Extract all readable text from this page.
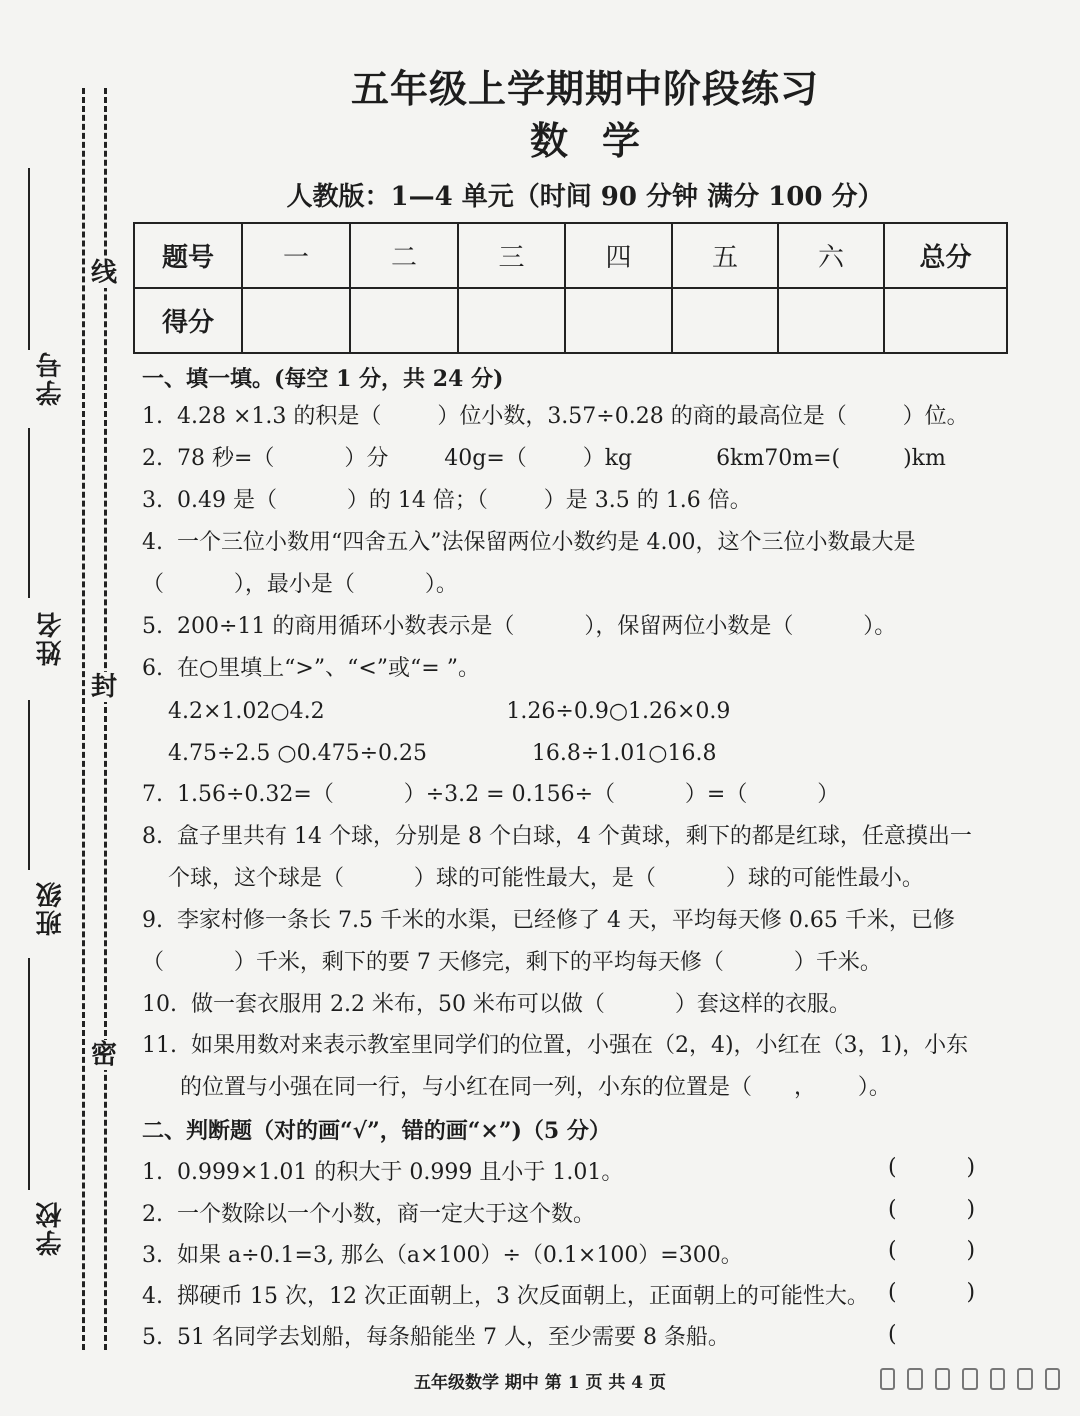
线
封
密
学号
姓名
班级
学校
五年级上学期期中阶段练习
数学
人教版：1—4 单元（时间 90 分钟 满分 100 分）
题号	一	二	三	四	五	六	总分
得分							
一、填一填。(每空 1 分，共 24 分)
1.  4.28 ×1.3 的积是（        ）位小数，3.57÷0.28 的商的最高位是（        ）位。
2.  78 秒=（          ）分        40g=（        ）kg            6km70m=(         )km
3.  0.49 是（          ）的 14 倍；（        ）是 3.5 的 1.6 倍。
4.  一个三位小数用“四舍五入”法保留两位小数约是 4.00，这个三位小数最大是
（          ），最小是（          ）。
5.  200÷11 的商用循环小数表示是（          ），保留两位小数是（          ）。
6.  在○里填上“>”、“<”或“= ”。
4.2×1.02○4.2                          1.26÷0.9○1.26×0.9
4.75÷2.5 ○0.475÷0.25               16.8÷1.01○16.8
7.  1.56÷0.32=（          ）÷3.2 = 0.156÷（          ）=（          ）
8.  盒子里共有 14 个球，分别是 8 个白球，4 个黄球，剩下的都是红球，任意摸出一
个球，这个球是（          ）球的可能性最大，是（          ）球的可能性最小。
9.  李家村修一条长 7.5 千米的水渠，已经修了 4 天，平均每天修 0.65 千米，已修
（          ）千米，剩下的要 7 天修完，剩下的平均每天修（          ）千米。
10.  做一套衣服用 2.2 米布，50 米布可以做（          ）套这样的衣服。
11.  如果用数对来表示教室里同学们的位置，小强在（2，4)，小红在（3，1)，小东
的位置与小强在同一行，与小红在同一列，小东的位置是（      ，      ）。
二、判断题（对的画“√”，错的画“×”)（5 分）
1.  0.999×1.01 的积大于 0.999 且小于 1.01。	(          )
2.  一个数除以一个小数，商一定大于这个数。	(          )
3.  如果 a÷0.1=3, 那么（a×100）÷（0.1×100）=300。	(          )
4.  掷硬币 15 次，12 次正面朝上，3 次反面朝上，正面朝上的可能性大。 (          )
5.  51 名同学去划船，每条船能坐 7 人，至少需要 8 条船。	(
五年级数学 期中 第 1 页 共 4 页
